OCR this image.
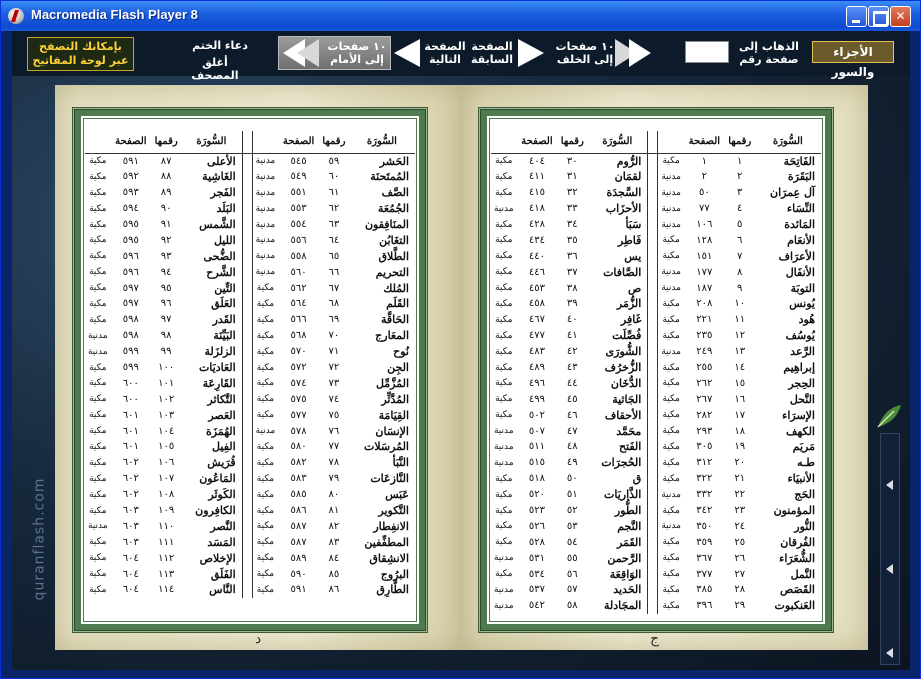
Macromedia Flash Player 8	✕
الأجزاء والسور
الذهاب إلى
صفحة رقم
١٠ صفحات
إلى الخلف
الصفحة
السابقة
الصفحة
التالية
١٠ صفحات
إلى الأمام
دعاء الختم
أغلق المصحف
بإمكانك التصفح
عبر لوحة المفاتيح
quranflash.com
السُّورَة	رقمها	الصفحة			السُّورَة	رقمها	الصفحة	
الحَشر	٥٩	٥٤٥	مدنية		الأعلى	٨٧	٥٩١	مكية
المُمتَحنَة	٦٠	٥٤٩	مدنية		الغَاشِية	٨٨	٥٩٢	مكية
الصَّف	٦١	٥٥١	مدنية		الفَجر	٨٩	٥٩٣	مكية
الجُمُعَة	٦٢	٥٥٣	مدنية		البَلَد	٩٠	٥٩٤	مكية
المنَافِقون	٦٣	٥٥٤	مدنية		الشَّمس	٩١	٥٩٥	مكية
التغَابُن	٦٤	٥٥٦	مدنية		الليل	٩٢	٥٩٥	مكية
الطَّلاق	٦٥	٥٥٨	مدنية		الضُّحى	٩٣	٥٩٦	مكية
التحريم	٦٦	٥٦٠	مدنية		الشَّرح	٩٤	٥٩٦	مكية
المُلك	٦٧	٥٦٢	مكية		التِّين	٩٥	٥٩٧	مكية
القَلَم	٦٨	٥٦٤	مكية		العَلَق	٩٦	٥٩٧	مكية
الحَاقَّة	٦٩	٥٦٦	مكية		القَدر	٩٧	٥٩٨	مكية
المعَارج	٧٠	٥٦٨	مكية		البَيِّنَة	٩٨	٥٩٨	مدنية
نُوح	٧١	٥٧٠	مكية		الزلزَلة	٩٩	٥٩٩	مدنية
الجِن	٧٢	٥٧٢	مكية		العَاديَات	١٠٠	٥٩٩	مكية
المُزَّمِّل	٧٣	٥٧٤	مكية		القَارِعَة	١٠١	٦٠٠	مكية
المُدَّثِّر	٧٤	٥٧٥	مكية		التَّكاثر	١٠٢	٦٠٠	مكية
القِيَامَة	٧٥	٥٧٧	مكية		العَصر	١٠٣	٦٠١	مكية
الإنسَان	٧٦	٥٧٨	مدنية		الهُمَزَة	١٠٤	٦٠١	مكية
المُرسَلات	٧٧	٥٨٠	مكية		الفِيل	١٠٥	٦٠١	مكية
النَّبَأ	٧٨	٥٨٢	مكية		قُرَيش	١٠٦	٦٠٢	مكية
النَّازعَات	٧٩	٥٨٣	مكية		المَاعُون	١٠٧	٦٠٢	مكية
عَبَس	٨٠	٥٨٥	مكية		الكَوثَر	١٠٨	٦٠٢	مكية
التَّكوير	٨١	٥٨٦	مكية		الكافِرون	١٠٩	٦٠٣	مكية
الانفِطار	٨٢	٥٨٧	مكية		النَّصر	١١٠	٦٠٣	مدنية
المطفِّفين	٨٣	٥٨٧	مكية		المَسَد	١١١	٦٠٣	مكية
الانشِقاق	٨٤	٥٨٩	مكية		الإخلاص	١١٢	٦٠٤	مكية
البرُوج	٨٥	٥٩٠	مكية		الفَلَق	١١٣	٦٠٤	مكية
الطَّارِق	٨٦	٥٩١	مكية		النَّاس	١١٤	٦٠٤	مكية
السُّورَة	رقمها	الصفحة			السُّورَة	رقمها	الصفحة	
الفَاتِحَة	١	١	مكية		الرُّوم	٣٠	٤٠٤	مكية
البَقَرَة	٢	٢	مدنية		لقمَان	٣١	٤١١	مكية
آل عِمرَان	٣	٥٠	مدنية		السَّجدَة	٣٢	٤١٥	مكية
النِّسَاء	٤	٧٧	مدنية		الأحزَاب	٣٣	٤١٨	مدنية
المَائدة	٥	١٠٦	مدنية		سَبَأ	٣٤	٤٢٨	مكية
الأنعَام	٦	١٢٨	مكية		فَاطِر	٣٥	٤٣٤	مكية
الأعرَاف	٧	١٥١	مكية		يس	٣٦	٤٤٠	مكية
الأنفَال	٨	١٧٧	مدنية		الصَّافات	٣٧	٤٤٦	مكية
التوبَة	٩	١٨٧	مدنية		ص	٣٨	٤٥٣	مكية
يُونس	١٠	٢٠٨	مكية		الزُّمَر	٣٩	٤٥٨	مكية
هُود	١١	٢٢١	مكية		غَافِر	٤٠	٤٦٧	مكية
يُوسُف	١٢	٢٣٥	مكية		فُصِّلَت	٤١	٤٧٧	مكية
الرَّعد	١٣	٢٤٩	مدنية		الشُّورَى	٤٢	٤٨٣	مكية
إبراهِيم	١٤	٢٥٥	مكية		الزُّخرُف	٤٣	٤٨٩	مكية
الحِجر	١٥	٢٦٢	مكية		الدُّخَان	٤٤	٤٩٦	مكية
النَّحل	١٦	٢٦٧	مكية		الجَاثية	٤٥	٤٩٩	مكية
الإسرَاء	١٧	٢٨٢	مكية		الأحقاف	٤٦	٥٠٢	مكية
الكهف	١٨	٢٩٣	مكية		محَمَّد	٤٧	٥٠٧	مدنية
مَريَم	١٩	٣٠٥	مكية		الفَتح	٤٨	٥١١	مدنية
طـه	٢٠	٣١٢	مكية		الحُجرَات	٤٩	٥١٥	مدنية
الأنبيَاء	٢١	٣٢٢	مكية		ق	٥٠	٥١٨	مكية
الحَج	٢٢	٣٣٢	مدنية		الذَّاريَات	٥١	٥٢٠	مكية
المؤمنون	٢٣	٣٤٢	مكية		الطُّور	٥٢	٥٢٣	مكية
النُّور	٢٤	٣٥٠	مدنية		النَّجم	٥٣	٥٢٦	مكية
الفُرقان	٢٥	٣٥٩	مكية		القَمَر	٥٤	٥٢٨	مكية
الشُّعَرَاء	٢٦	٣٦٧	مكية		الرَّحمن	٥٥	٥٣١	مدنية
النَّمل	٢٧	٣٧٧	مكية		الوَاقِعَة	٥٦	٥٣٤	مكية
القَصَص	٢٨	٣٨٥	مكية		الحَديد	٥٧	٥٣٧	مدنية
العَنكبوت	٢٩	٣٩٦	مكية		المجَادلة	٥٨	٥٤٢	مدنية
د	ج
